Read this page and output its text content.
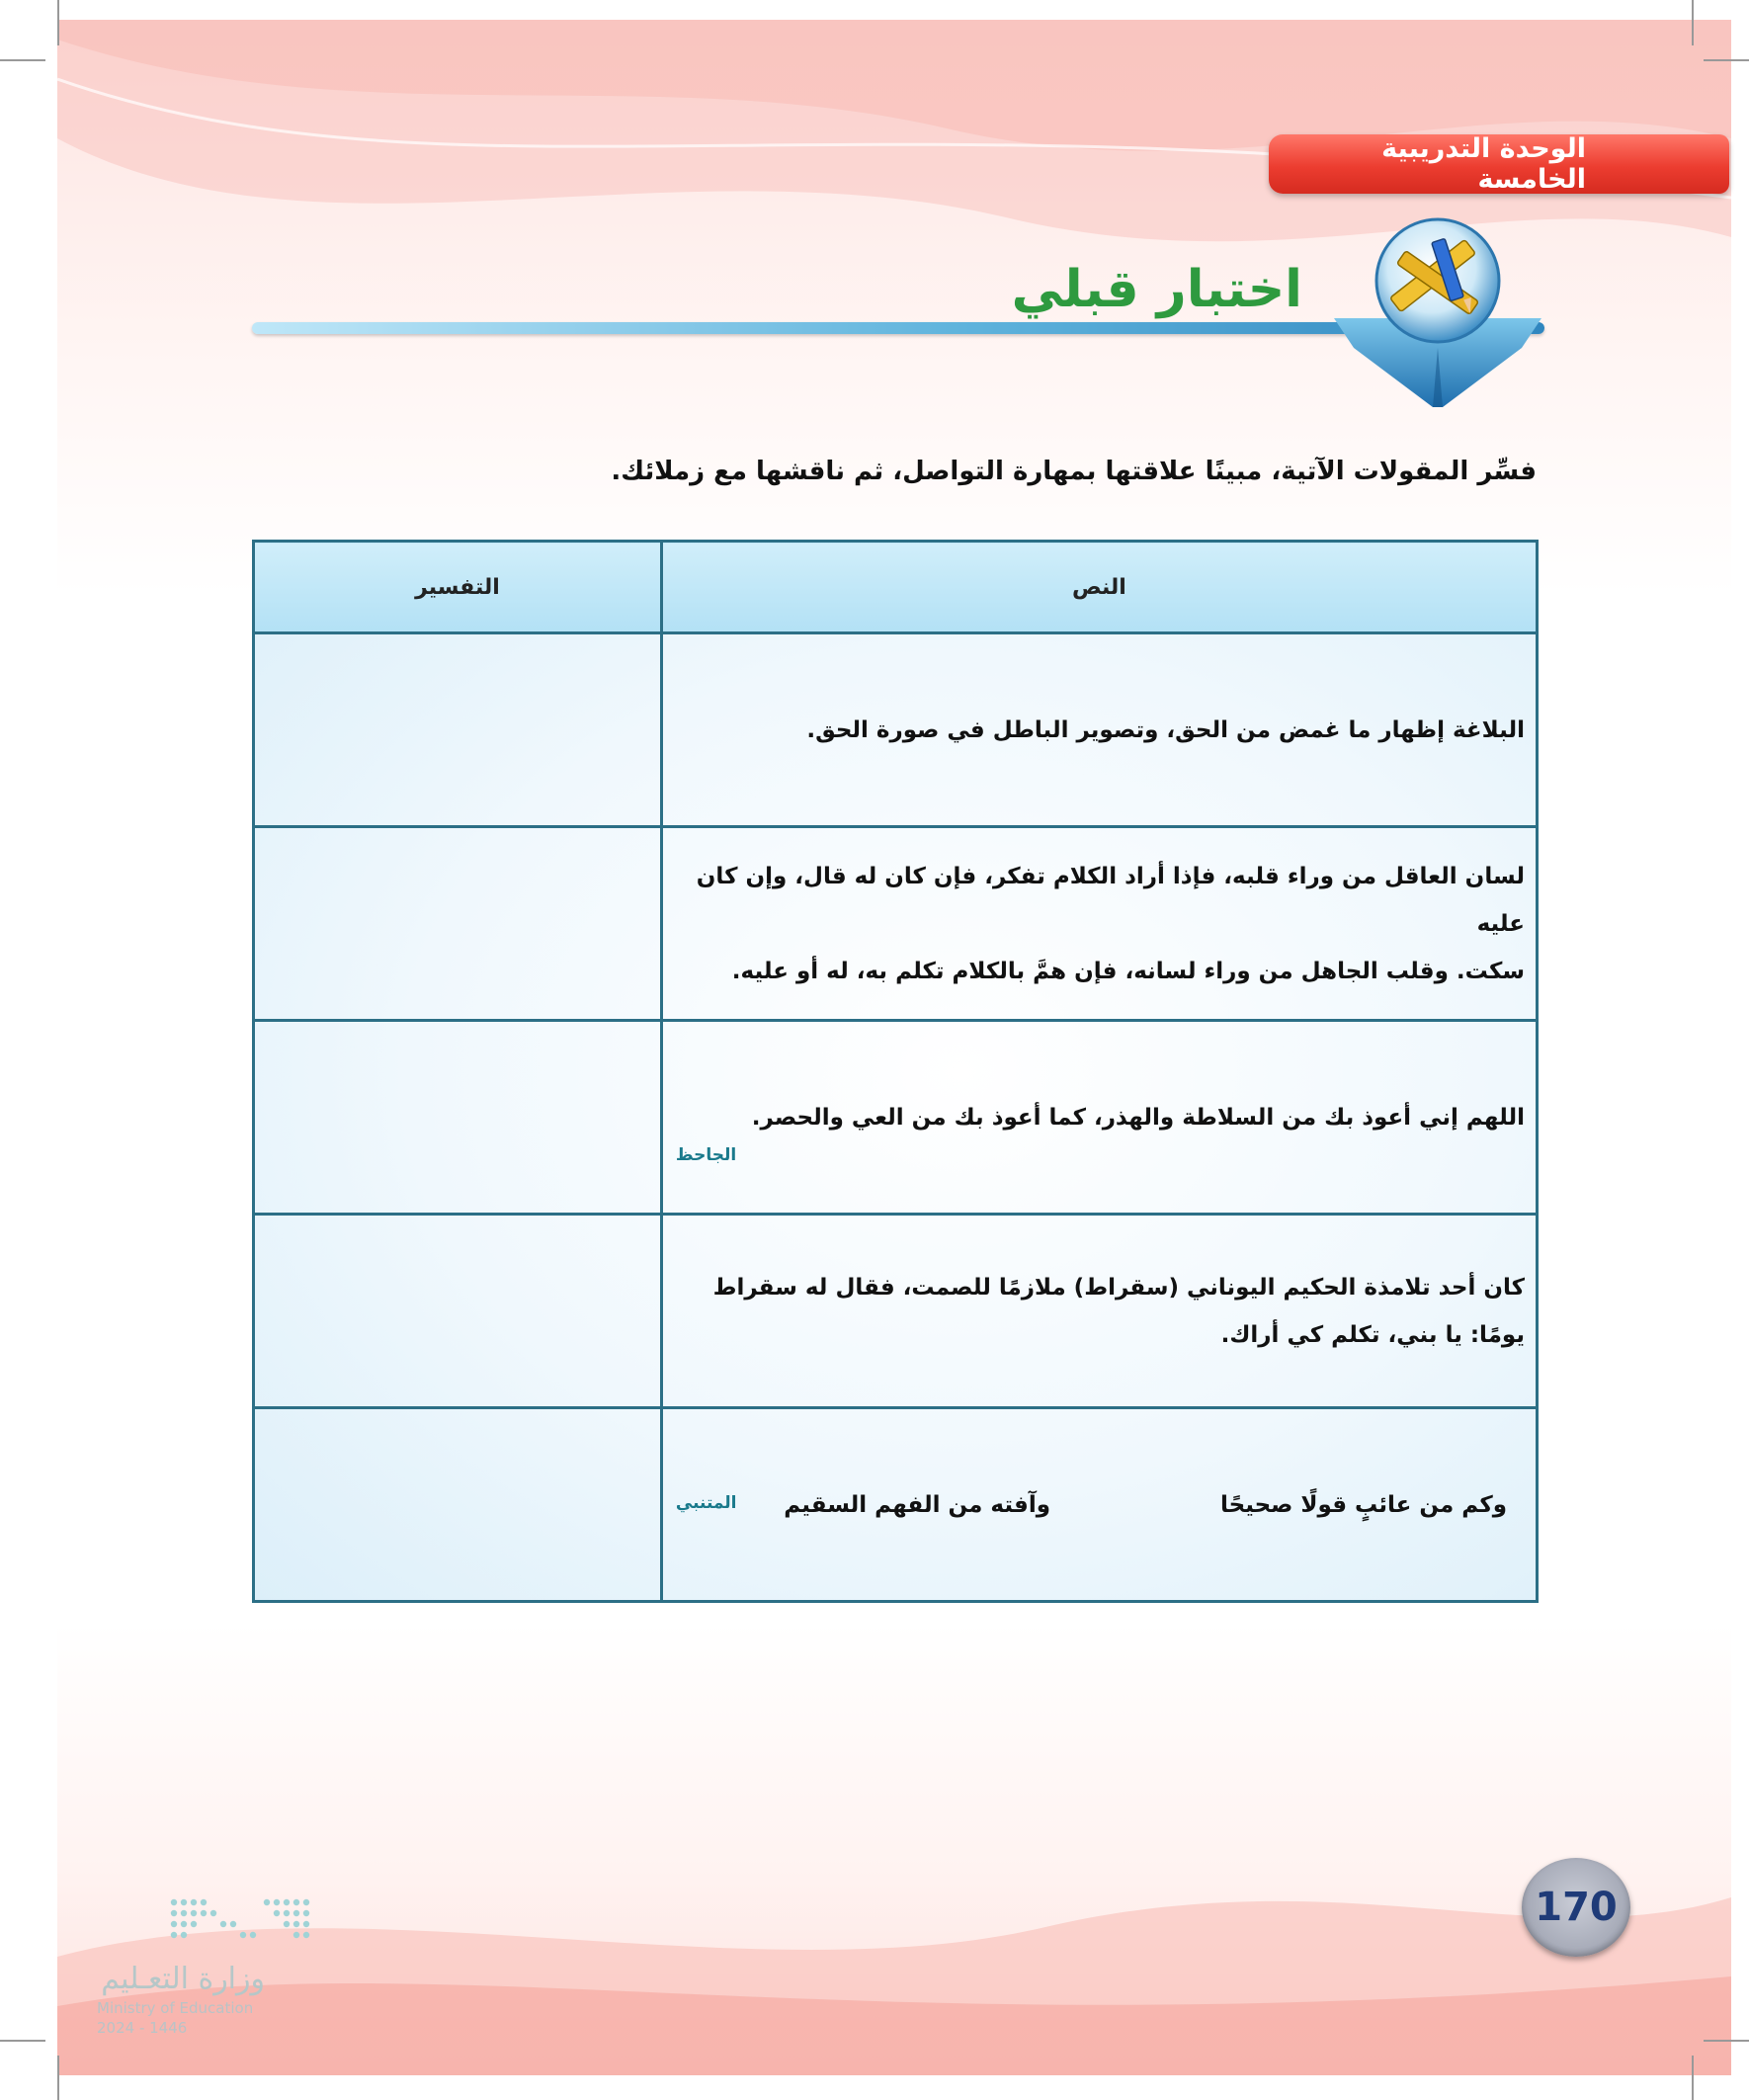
الوحدة التدريبية الخامسة
اختبار قبلي
فسِّر المقولات الآتية، مبينًا علاقتها بمهارة التواصل، ثم ناقشها مع زملائك.
النص	التفسير

البلاغة إظهار ما غمض من الحق، وتصوير الباطل في صورة الحق.	

لسان العاقل من وراء قلبه، فإذا أراد الكلام تفكر، فإن كان له قال، وإن كان عليه
سكت. وقلب الجاهل من وراء لسانه، فإن همَّ بالكلام تكلم به، له أو عليه.	

اللهم إني أعوذ بك من السلاطة والهذر، كما أعوذ بك من العي والحصر.
الجاحظ	

كان أحد تلامذة الحكيم اليوناني (سقراط) ملازمًا للصمت، فقال له سقراط
يومًا: يا بني، تكلم كي أراك.	

وكم من عائبٍ قولًا صحيحًا
وآفته من الفهم السقيم
المتنبي	

170
وزارة التعـليم
Ministry of Education
2024 - 1446
